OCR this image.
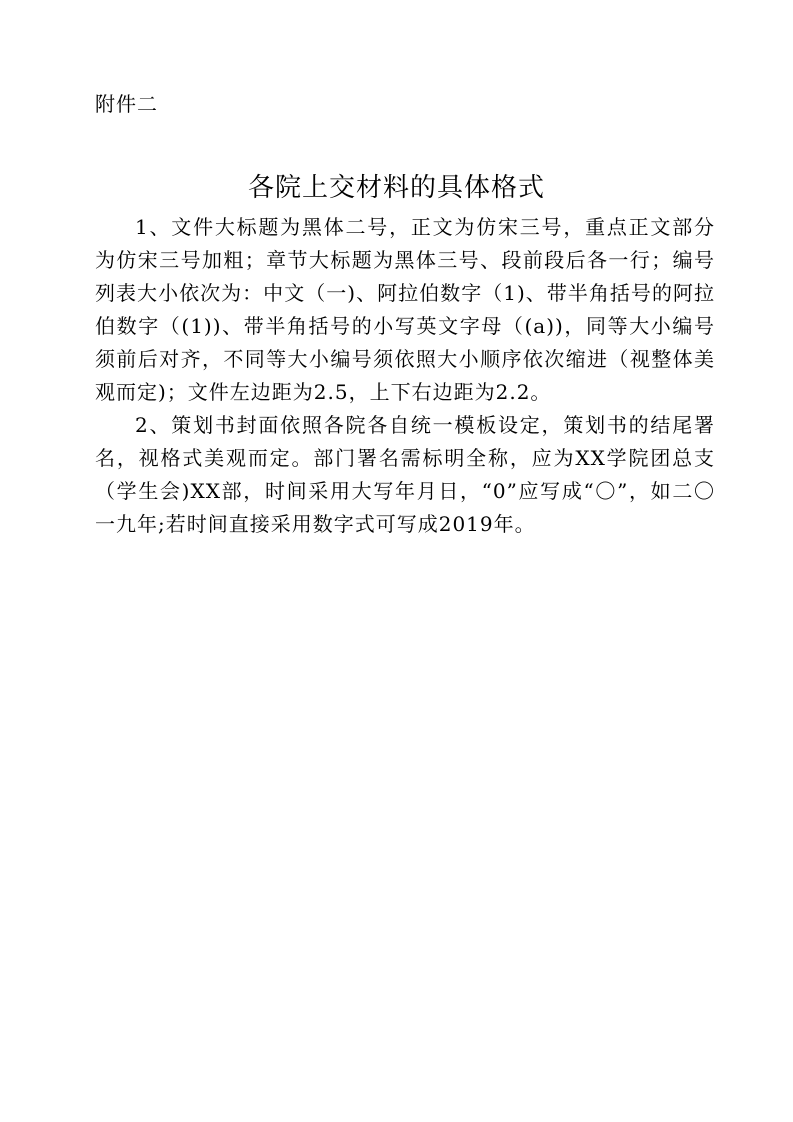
附件二
各院上交材料的具体格式

1、文件大标题为黑体二号，正文为仿宋三号，重点正文部分为仿宋三号加粗；章节大标题为黑体三号、段前段后各一行；编号列表大小依次为：中文（一)、阿拉伯数字（1)、带半角括号的阿拉伯数字（(1))、带半角括号的小写英文字母（(a))，同等大小编号须前后对齐，不同等大小编号须依照大小顺序依次缩进（视整体美观而定)；文件左边距为2.5，上下右边距为2.2。

2、策划书封面依照各院各自统一模板设定，策划书的结尾署名，视格式美观而定。部门署名需标明全称，应为XX学院团总支（学生会)XX部，时间采用大写年月日，“0”应写成“〇”，如二〇一九年;若时间直接采用数字式可写成2019年。
